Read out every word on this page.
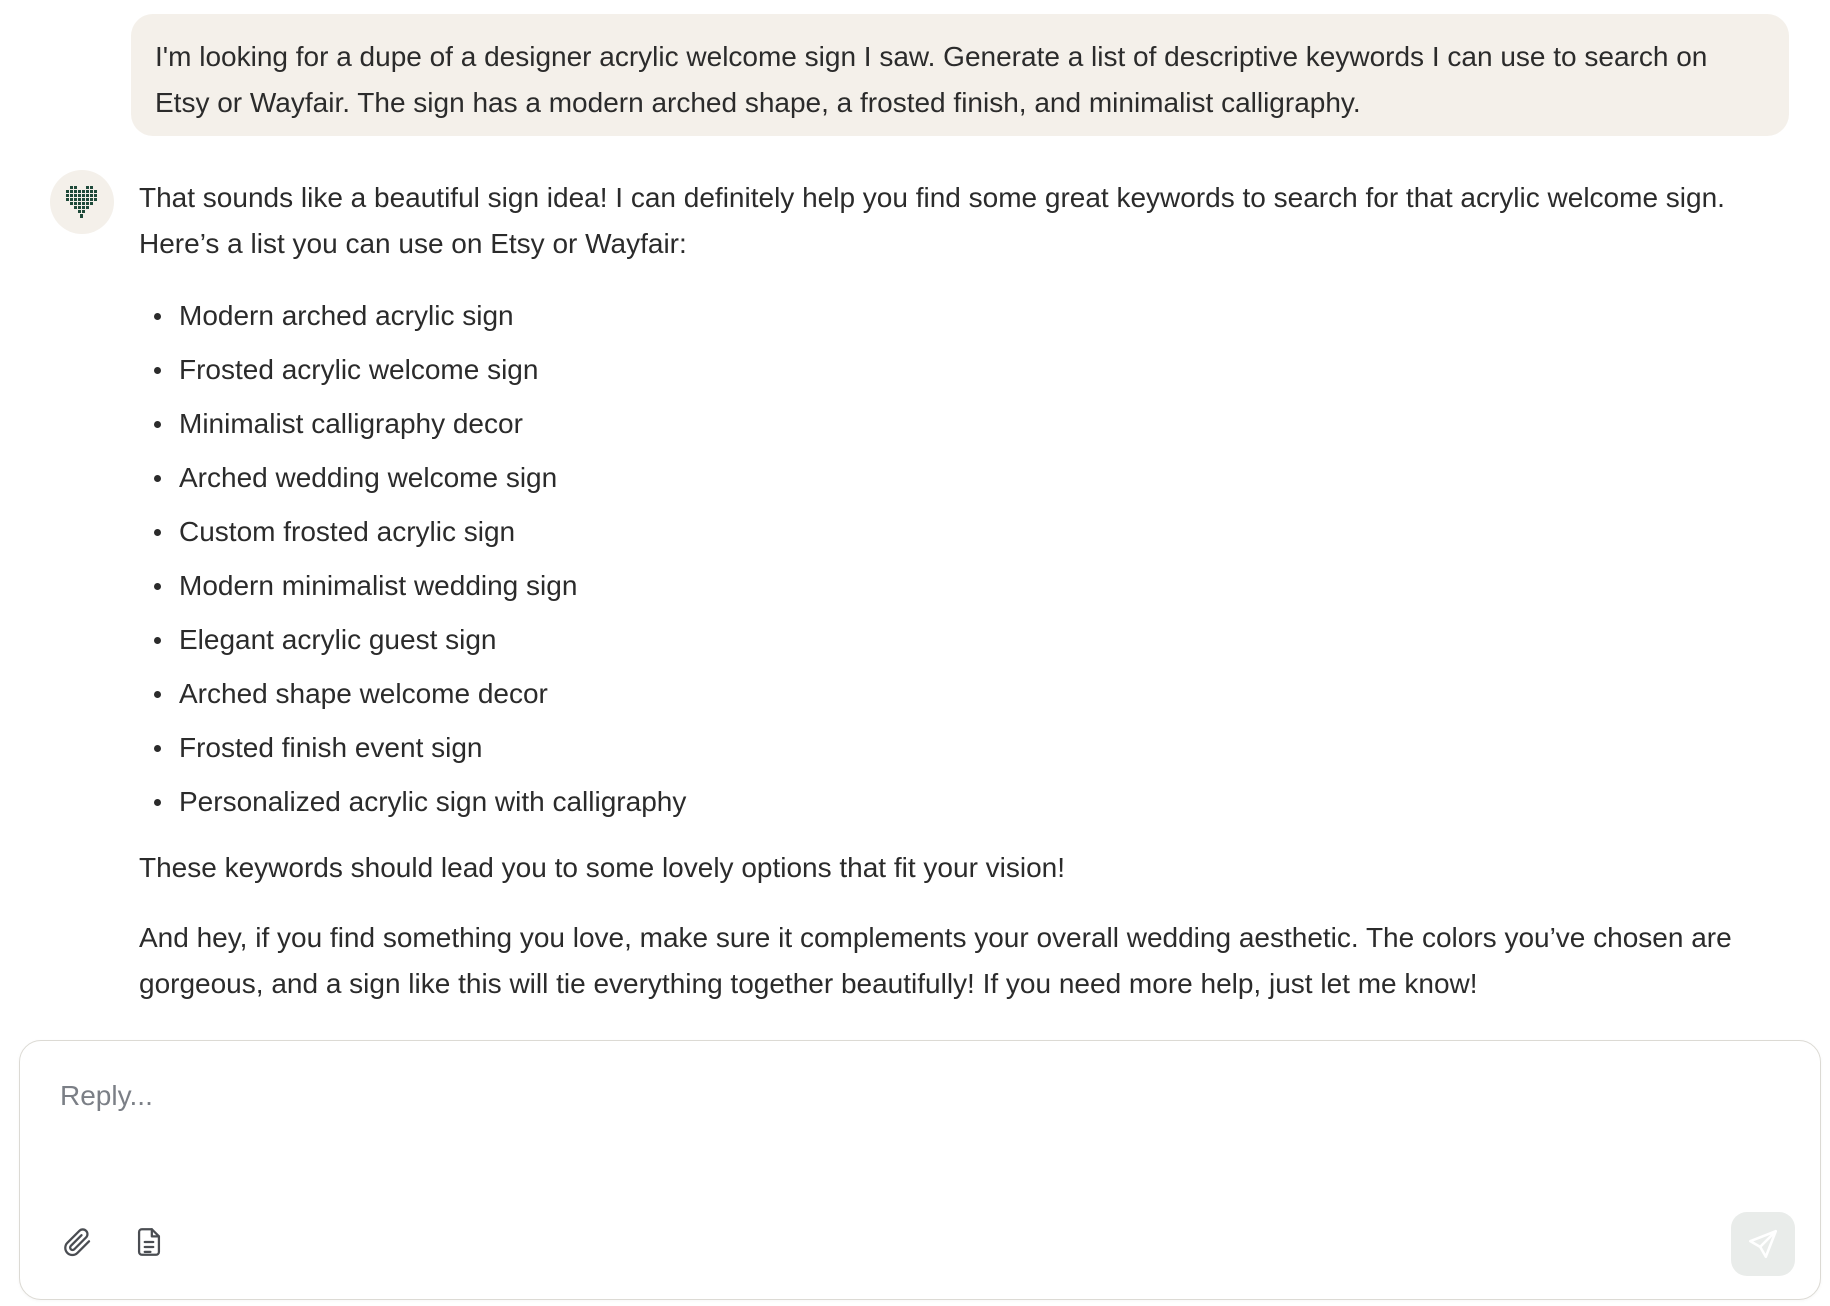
I'm looking for a dupe of a designer acrylic welcome sign I saw. Generate a list of descriptive keywords I can use to search on Etsy or Wayfair. The sign has a modern arched shape, a frosted finish, and minimalist calligraphy.

That sounds like a beautiful sign idea! I can definitely help you find some great keywords to search for that acrylic welcome sign. Here’s a list you can use on Etsy or Wayfair:

Modern arched acrylic sign
Frosted acrylic welcome sign
Minimalist calligraphy decor
Arched wedding welcome sign
Custom frosted acrylic sign
Modern minimalist wedding sign
Elegant acrylic guest sign
Arched shape welcome decor
Frosted finish event sign
Personalized acrylic sign with calligraphy

These keywords should lead you to some lovely options that fit your vision!

And hey, if you find something you love, make sure it complements your overall wedding aesthetic. The colors you’ve chosen are gorgeous, and a sign like this will tie everything together beautifully! If you need more help, just let me know!

Reply...
